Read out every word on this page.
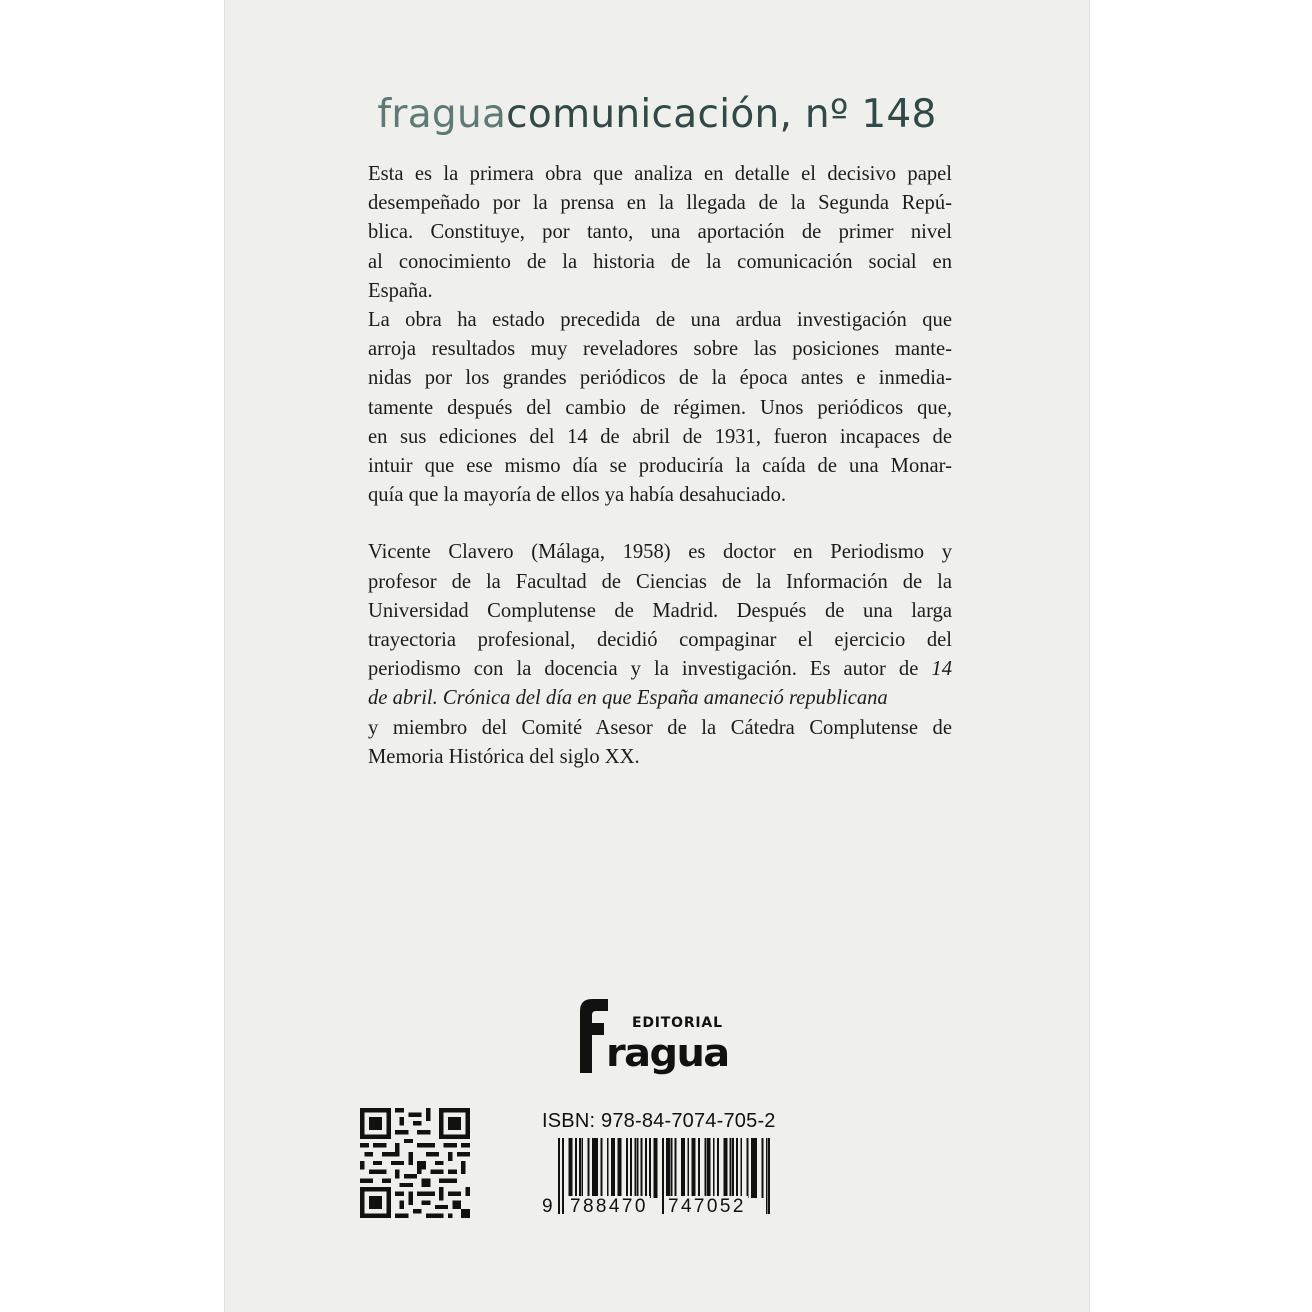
fraguacomunicación, nº 148

Esta es la primera obra que analiza en detalle el decisivo papel
desempeñado por la prensa en la llegada de la Segunda Repú-
blica. Constituye, por tanto, una aportación de primer nivel
al conocimiento de la historia de la comunicación social en
España.

La obra ha estado precedida de una ardua investigación que
arroja resultados muy reveladores sobre las posiciones mante-
nidas por los grandes periódicos de la época antes e inmedia-
tamente después del cambio de régimen. Unos periódicos que,
en sus ediciones del 14 de abril de 1931, fueron incapaces de
intuir que ese mismo día se produciría la caída de una Monar-
quía que la mayoría de ellos ya había desahuciado.

Vicente Clavero (Málaga, 1958) es doctor en Periodismo y
profesor de la Facultad de Ciencias de la Información de la
Universidad Complutense de Madrid. Después de una larga
trayectoria profesional, decidió compaginar el ejercicio del
periodismo con la docencia y la investigación. Es autor de 14
de abril. Crónica del día en que España amaneció republicana
y miembro del Comité Asesor de la Cátedra Complutense de
Memoria Histórica del siglo XX.

EDITORIAL
ragua
ISBN: 978-84-7074-705-2
9 788470 747052
